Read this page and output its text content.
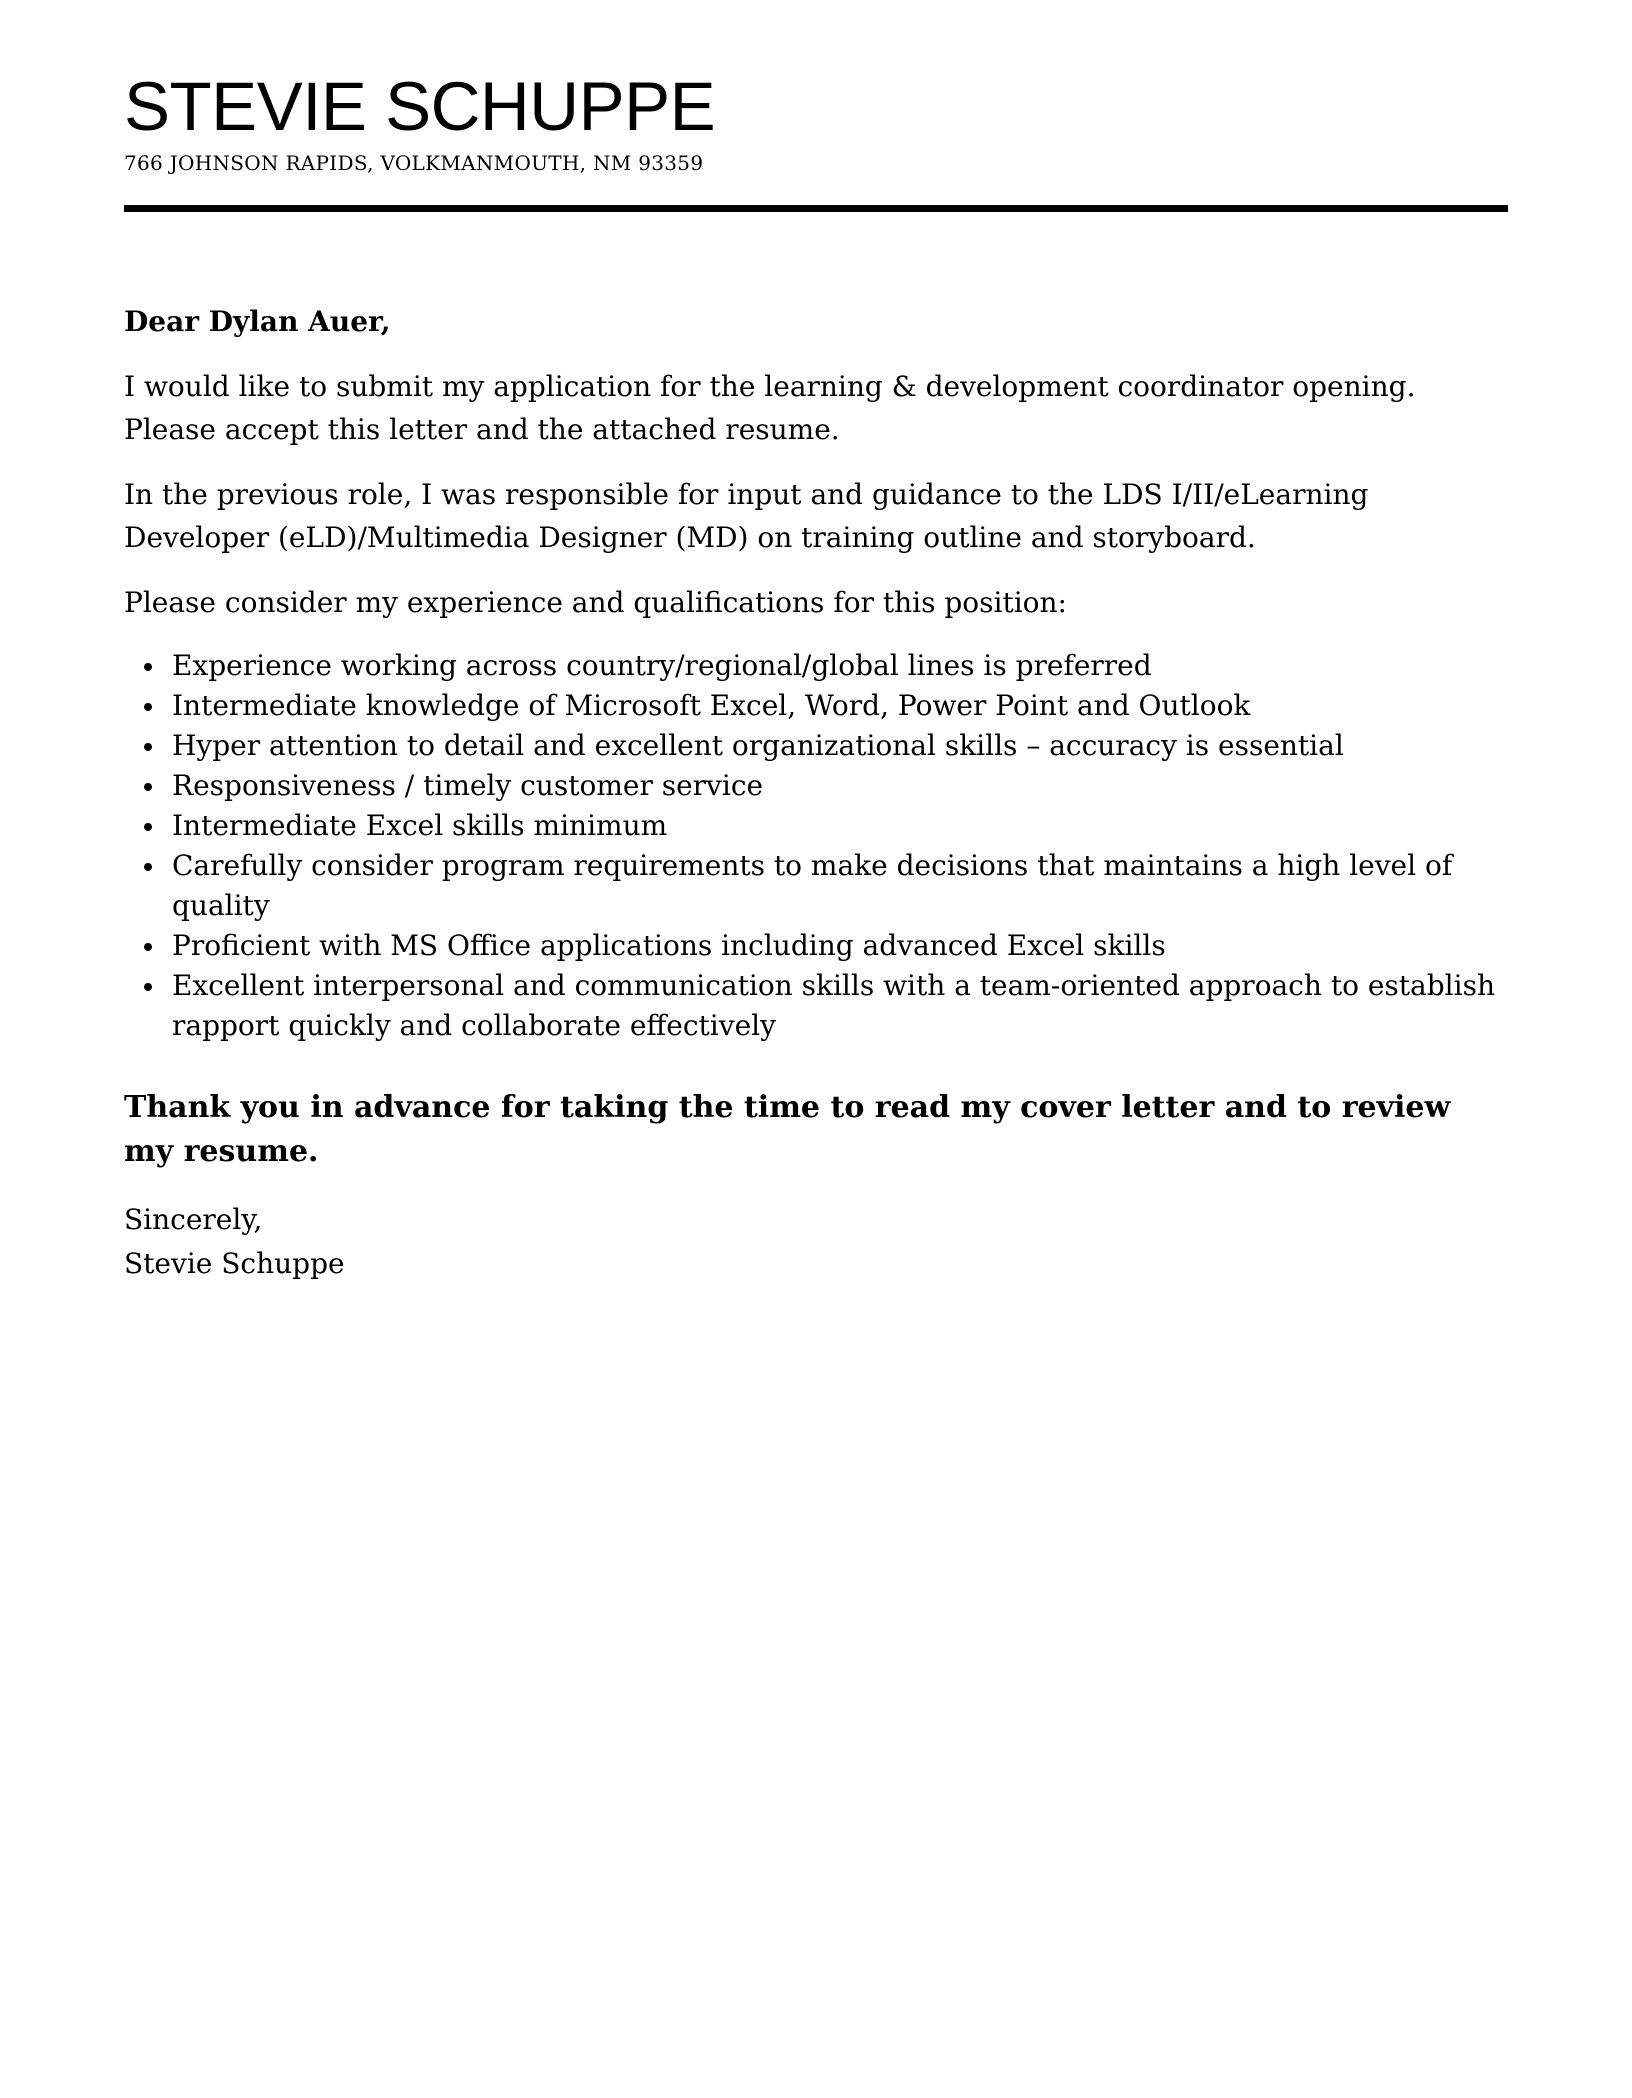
STEVIE SCHUPPE

766 JOHNSON RAPIDS, VOLKMANMOUTH, NM 93359

Dear Dylan Auer,

I would like to submit my application for the learning & development coordinator opening. Please accept this letter and the attached resume.

In the previous role, I was responsible for input and guidance to the LDS I/II/eLearning Developer (eLD)/Multimedia Designer (MD) on training outline and storyboard.

Please consider my experience and qualifications for this position:

Experience working across country/regional/global lines is preferred
Intermediate knowledge of Microsoft Excel, Word, Power Point and Outlook
Hyper attention to detail and excellent organizational skills – accuracy is essential
Responsiveness / timely customer service
Intermediate Excel skills minimum
Carefully consider program requirements to make decisions that maintains a high level of quality
Proficient with MS Office applications including advanced Excel skills
Excellent interpersonal and communication skills with a team-oriented approach to establish rapport quickly and collaborate effectively

Thank you in advance for taking the time to read my cover letter and to review my resume.

Sincerely,

Stevie Schuppe
